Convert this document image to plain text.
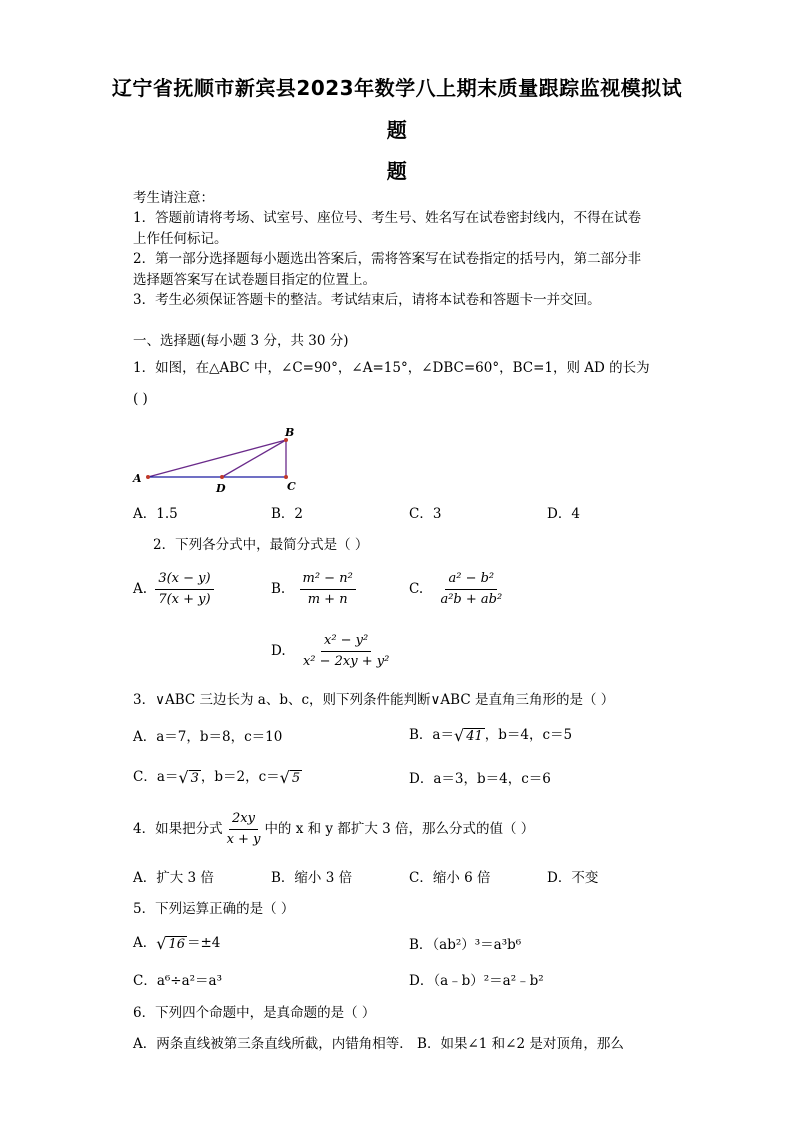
辽宁省抚顺市新宾县2023年数学八上期末质量跟踪监视模拟试
题
题
考生请注意：
1．答题前请将考场、试室号、座位号、考生号、姓名写在试卷密封线内，不得在试卷
上作任何标记。
2．第一部分选择题每小题选出答案后，需将答案写在试卷指定的括号内，第二部分非
选择题答案写在试卷题目指定的位置上。
3．考生必须保证答题卡的整洁。考试结束后，请将本试卷和答题卡一并交回。
一、选择题(每小题 3 分，共 30 分)
1．如图，在△ABC 中，∠C=90°，∠A=15°，∠DBC=60°，BC=1，则 AD 的长为
( )
A
B
C
D
A．1.5	B．2	C．3	D．4
2．下列各分式中，最简分式是（ ）
A. $\frac{3(x - y)}{7(x + y)}$	B. $\frac{\text{m² − n²}}{m + n}$	C. $\frac{\text{a² − b²}}{\text{a²b + ab²}}$
D. $\frac{\text{x² − y²}}{\text{x² − 2xy + y²}}$
3．∨ABC 三边长为 a、b、c，则下列条件能判断∨ABC 是直角三角形的是（ ）
A．a＝7，b＝8，c＝10	B．a＝ √ 41 ，b＝4，c＝5
C．a＝ √ 3 ，b＝2，c＝ √ 5	D．a＝3，b＝4，c＝6
4．如果把分式 $\frac{2xy}{x + y}$ 中的 x 和 y 都扩大 3 倍，那么分式的值（ ）
A．扩大 3 倍	B．缩小 3 倍	C．缩小 6 倍	D．不变
5．下列运算正确的是（ ）
A． √ 16 ＝±4	B．（ab²）³＝a³b⁶
C．a⁶÷a²＝a³	D．（a﹣b）²＝a²﹣b²
6．下列四个命题中，是真命题的是（ ）
A．两条直线被第三条直线所截，内错角相等． B．如果∠1 和∠2 是对顶角，那么
